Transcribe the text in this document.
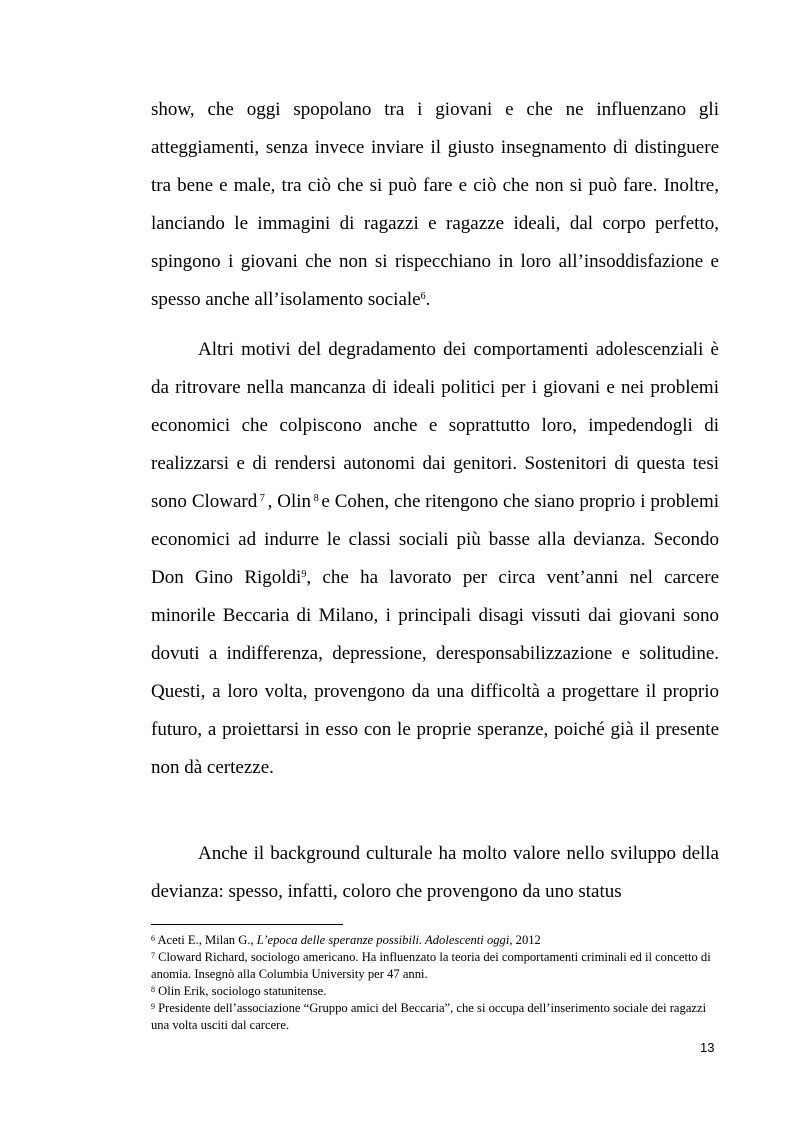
show, che oggi spopolano tra i giovani e che ne influenzano gli atteggiamenti, senza invece inviare il giusto insegnamento di distinguere tra bene e male, tra ciò che si può fare e ciò che non si può fare. Inoltre, lanciando le immagini di ragazzi e ragazze ideali, dal corpo perfetto, spingono i giovani che non si rispecchiano in loro all’insoddisfazione e spesso anche all’isolamento sociale$^6$.

Altri motivi del degradamento dei comportamenti adolescenziali è da ritrovare nella mancanza di ideali politici per i giovani e nei problemi economici che colpiscono anche e soprattutto loro, impedendogli di realizzarsi e di rendersi autonomi dai genitori. Sostenitori di questa tesi sono Cloward $^7$ , Olin $^8$ e Cohen, che ritengono che siano proprio i problemi economici ad indurre le classi sociali più basse alla devianza. Secondo Don Gino Rigoldi$^9$, che ha lavorato per circa vent’anni nel carcere minorile Beccaria di Milano, i principali disagi vissuti dai giovani sono dovuti a indifferenza, depressione, deresponsabilizzazione e solitudine. Questi, a loro volta, provengono da una difficoltà a progettare il proprio futuro, a proiettarsi in esso con le proprie speranze, poiché già il presente non dà certezze.

Anche il background culturale ha molto valore nello sviluppo della devianza: spesso, infatti, coloro che provengono da uno status

$^6$ Aceti E., Milan G., L’epoca delle speranze possibili. Adolescenti oggi, 2012

$^7$ Cloward Richard, sociologo americano. Ha influenzato la teoria dei comportamenti criminali ed il concetto di anomia. Insegnò alla Columbia University per 47 anni.

$^8$ Olin Erik, sociologo statunitense.

$^9$ Presidente dell’associazione “Gruppo amici del Beccaria”, che si occupa dell’inserimento sociale dei ragazzi una volta usciti dal carcere.

13
